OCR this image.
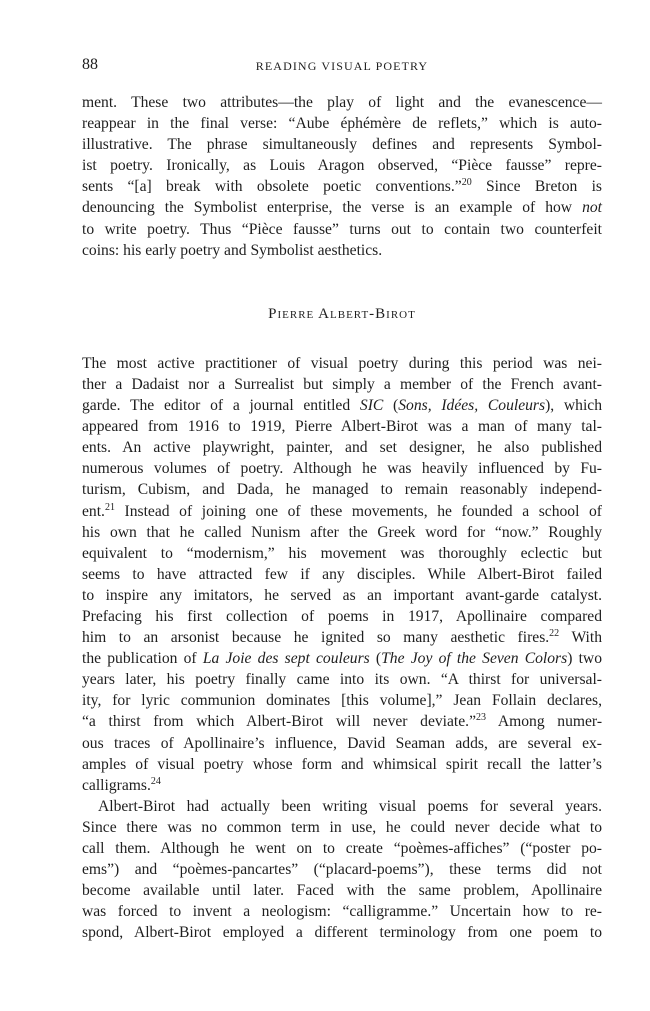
88	READING VISUAL POETRY
ment. These two attributes—the play of light and the evanescence—
reappear in the final verse: “Aube éphémère de reflets,” which is auto-
illustrative. The phrase simultaneously defines and represents Symbol-
ist poetry. Ironically, as Louis Aragon observed, “Pièce fausse” repre-
sents “[a] break with obsolete poetic conventions.”$^{20}$ Since Breton is
denouncing the Symbolist enterprise, the verse is an example of how not
to write poetry. Thus “Pièce fausse” turns out to contain two counterfeit
coins: his early poetry and Symbolist aesthetics.
Pierre Albert-Birot
The most active practitioner of visual poetry during this period was nei-
ther a Dadaist nor a Surrealist but simply a member of the French avant-
garde. The editor of a journal entitled SIC (Sons, Idées, Couleurs), which
appeared from 1916 to 1919, Pierre Albert-Birot was a man of many tal-
ents. An active playwright, painter, and set designer, he also published
numerous volumes of poetry. Although he was heavily influenced by Fu-
turism, Cubism, and Dada, he managed to remain reasonably independ-
ent.$^{21}$ Instead of joining one of these movements, he founded a school of
his own that he called Nunism after the Greek word for “now.” Roughly
equivalent to “modernism,” his movement was thoroughly eclectic but
seems to have attracted few if any disciples. While Albert-Birot failed
to inspire any imitators, he served as an important avant-garde catalyst.
Prefacing his first collection of poems in 1917, Apollinaire compared
him to an arsonist because he ignited so many aesthetic fires.$^{22}$ With
the publication of La Joie des sept couleurs (The Joy of the Seven Colors) two
years later, his poetry finally came into its own. “A thirst for universal-
ity, for lyric communion dominates [this volume],” Jean Follain declares,
“a thirst from which Albert-Birot will never deviate.”$^{23}$ Among numer-
ous traces of Apollinaire’s influence, David Seaman adds, are several ex-
amples of visual poetry whose form and whimsical spirit recall the latter’s
calligrams.$^{24}$
Albert-Birot had actually been writing visual poems for several years.
Since there was no common term in use, he could never decide what to
call them. Although he went on to create “poèmes-affiches” (“poster po-
ems”) and “poèmes-pancartes” (“placard-poems”), these terms did not
become available until later. Faced with the same problem, Apollinaire
was forced to invent a neologism: “calligramme.” Uncertain how to re-
spond, Albert-Birot employed a different terminology from one poem to
